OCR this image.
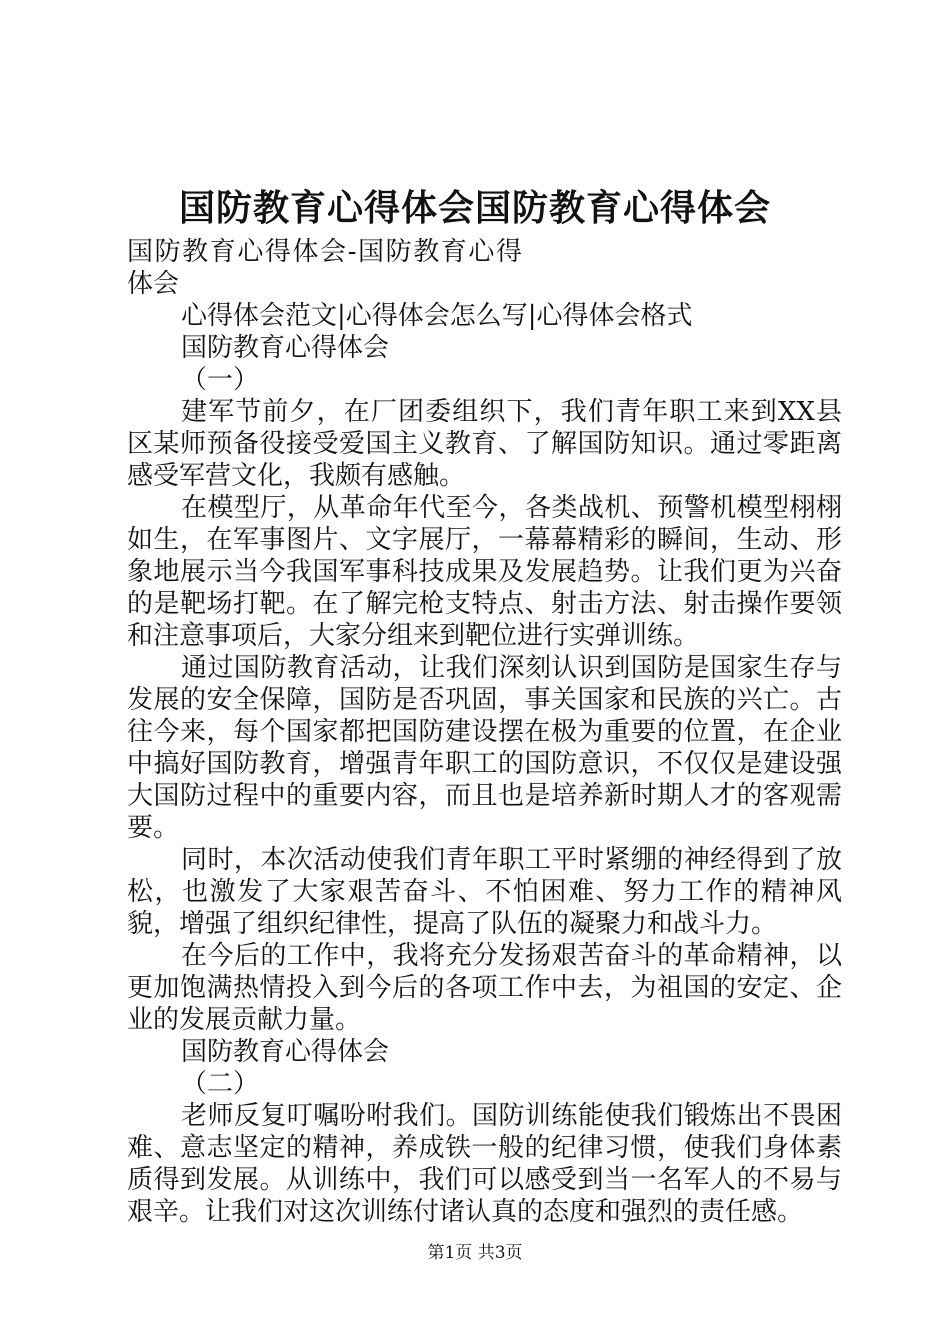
国防教育心得体会国防教育心得体会

国防教育心得体会-国防教育心得体会

心得体会范文|心得体会怎么写|心得体会格式

国防教育心得体会

（一）

建军节前夕，在厂团委组织下，我们青年职工来到XX县区某师预备役接受爱国主义教育、了解国防知识。通过零距离感受军营文化，我颇有感触。

在模型厅，从革命年代至今，各类战机、预警机模型栩栩如生，在军事图片、文字展厅，一幕幕精彩的瞬间，生动、形象地展示当今我国军事科技成果及发展趋势。让我们更为兴奋的是靶场打靶。在了解完枪支特点、射击方法、射击操作要领和注意事项后，大家分组来到靶位进行实弹训练。

通过国防教育活动，让我们深刻认识到国防是国家生存与发展的安全保障，国防是否巩固，事关国家和民族的兴亡。古往今来，每个国家都把国防建设摆在极为重要的位置，在企业中搞好国防教育，增强青年职工的国防意识，不仅仅是建设强大国防过程中的重要内容，而且也是培养新时期人才的客观需要。

同时，本次活动使我们青年职工平时紧绷的神经得到了放松，也激发了大家艰苦奋斗、不怕困难、努力工作的精神风貌，增强了组织纪律性，提高了队伍的凝聚力和战斗力。

在今后的工作中，我将充分发扬艰苦奋斗的革命精神，以更加饱满热情投入到今后的各项工作中去，为祖国的安定、企业的发展贡献力量。

国防教育心得体会

（二）

老师反复叮嘱吩咐我们。国防训练能使我们锻炼出不畏困难、意志坚定的精神，养成铁一般的纪律习惯，使我们身体素质得到发展。从训练中，我们可以感受到当一名军人的不易与艰辛。让我们对这次训练付诸认真的态度和强烈的责任感。

第1页 共3页
